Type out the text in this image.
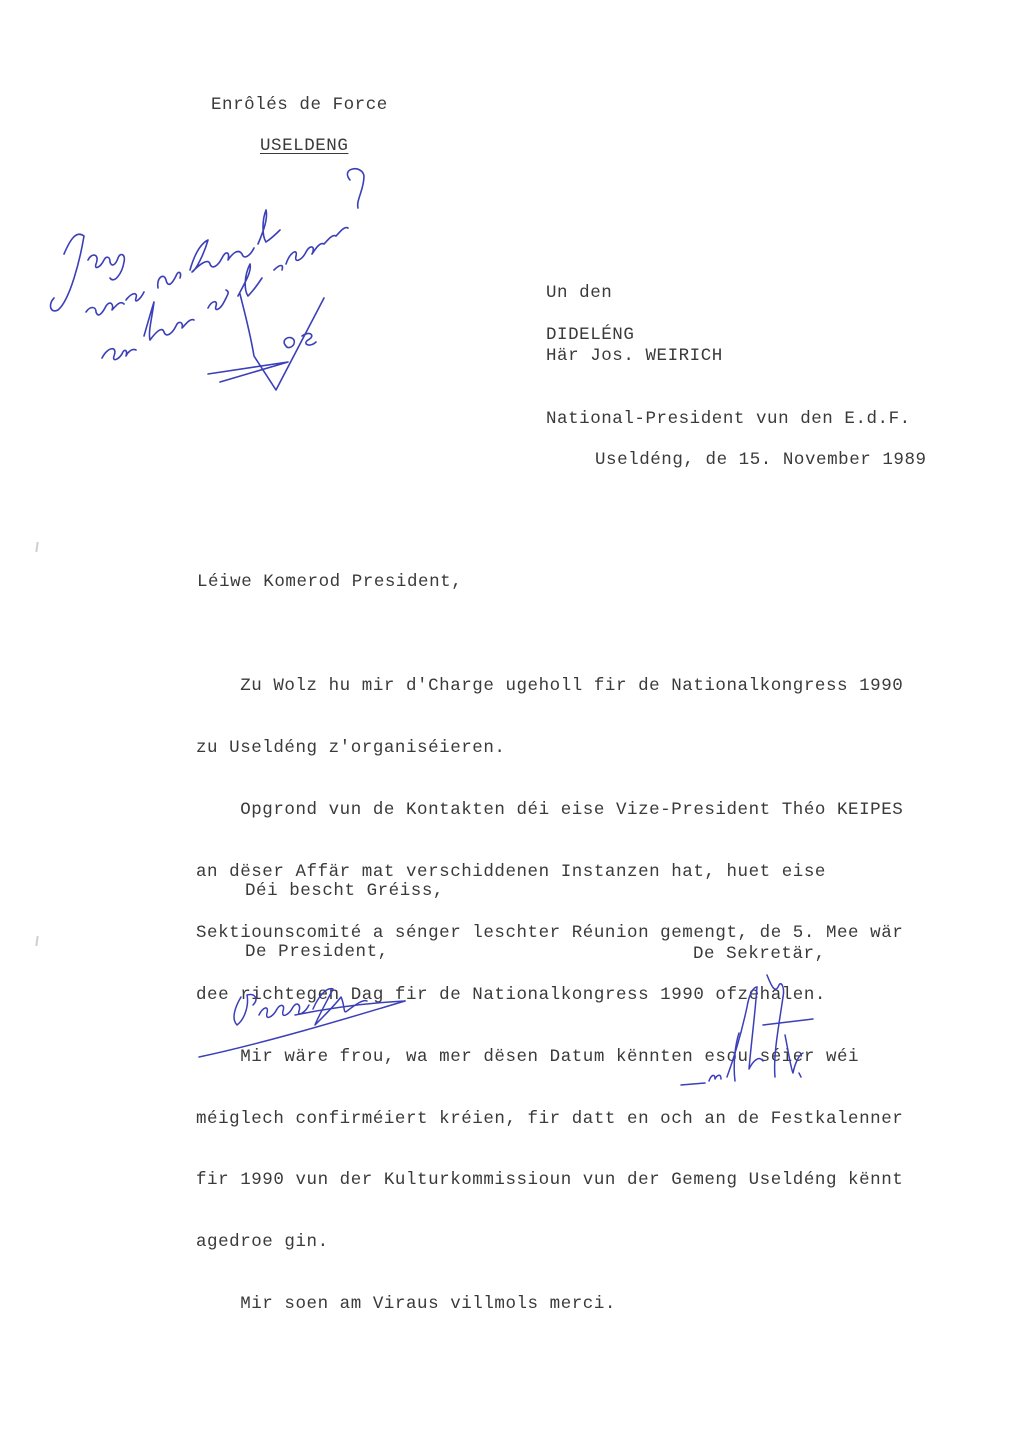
Enrôlés de Force
USELDENG

Un den

Här Jos. WEIRICH

National-President vun den E.d.F.

DIDELÉNG
Useldéng, de 15. November 1989
Léiwe Komerod President,

Zu Wolz hu mir d'Charge ugeholl fir de Nationalkongress 1990

zu Useldéng z'organiséieren.

Opgrond vun de Kontakten déi eise Vize-President Théo KEIPES

an dëser Affär mat verschiddenen Instanzen hat, huet eise

Sektiounscomité a sénger leschter Réunion gemengt, de 5. Mee wär

dee richtegen Dag fir de Nationalkongress 1990 ofzehalen.

Mir wäre frou, wa mer dësen Datum kënnten esou séier wéi

méiglech confirméiert kréien, fir datt en och an de Festkalenner

fir 1990 vun der Kulturkommissioun vun der Gemeng Useldéng kënnt

agedroe gin.

Mir soen am Viraus villmols merci.

Déi bescht Gréiss,
De President,	De Sekretär,
